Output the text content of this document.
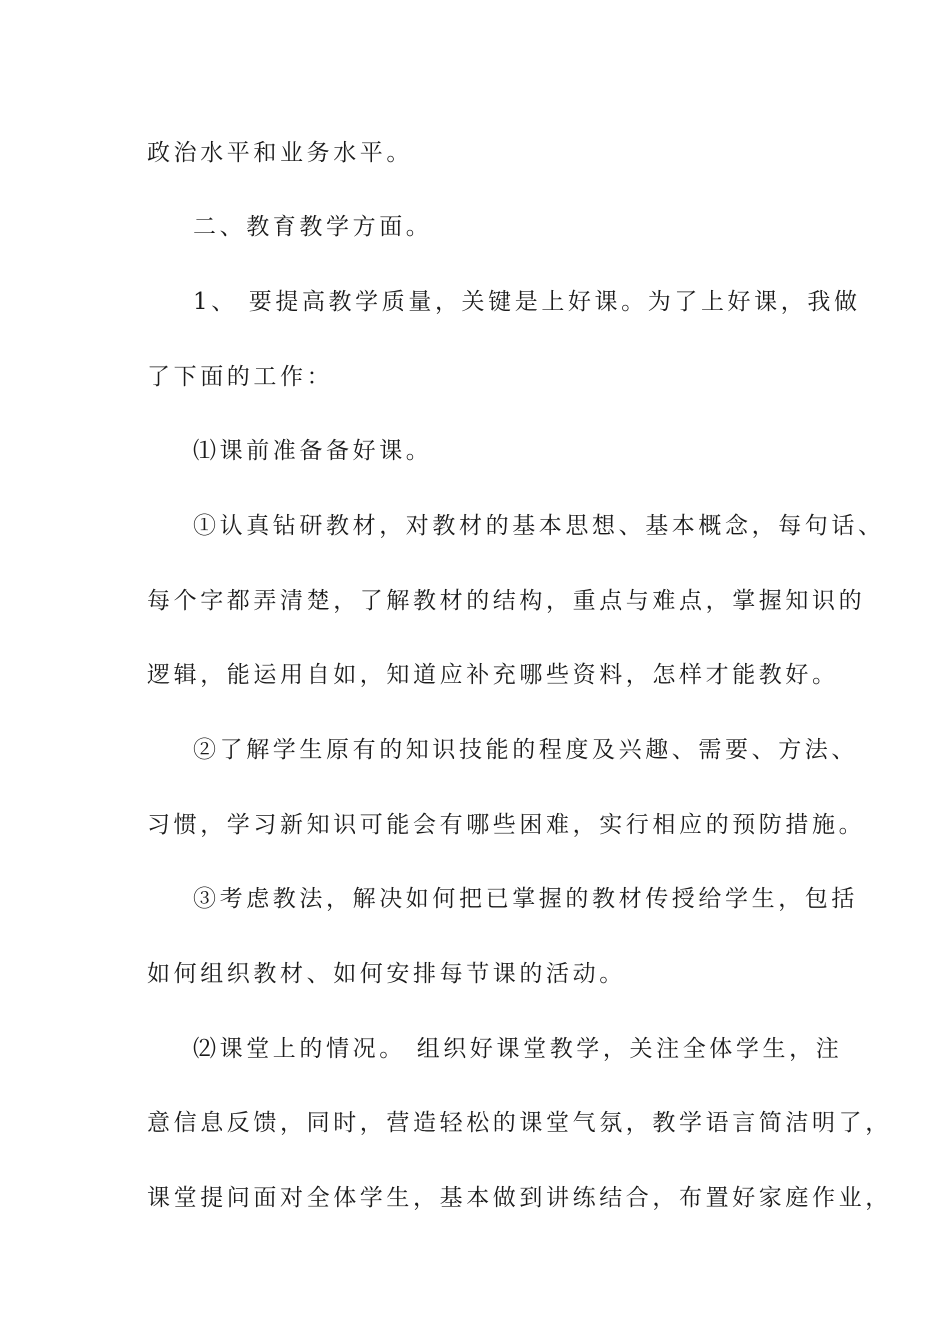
政治水平和业务水平。
二、教育教学方面。
1、 要提高教学质量，关键是上好课。为了上好课，我做
了下面的工作：
⑴课前准备备好课。
①认真钻研教材，对教材的基本思想、基本概念，每句话、
每个字都弄清楚，了解教材的结构，重点与难点，掌握知识的
逻辑，能运用自如，知道应补充哪些资料，怎样才能教好。
②了解学生原有的知识技能的程度及兴趣、需要、方法、
习惯，学习新知识可能会有哪些困难，实行相应的预防措施。
③考虑教法，解决如何把已掌握的教材传授给学生，包括
如何组织教材、如何安排每节课的活动。
⑵课堂上的情况。 组织好课堂教学，关注全体学生，注
意信息反馈，同时，营造轻松的课堂气氛，教学语言简洁明了，
课堂提问面对全体学生，基本做到讲练结合，布置好家庭作业，
